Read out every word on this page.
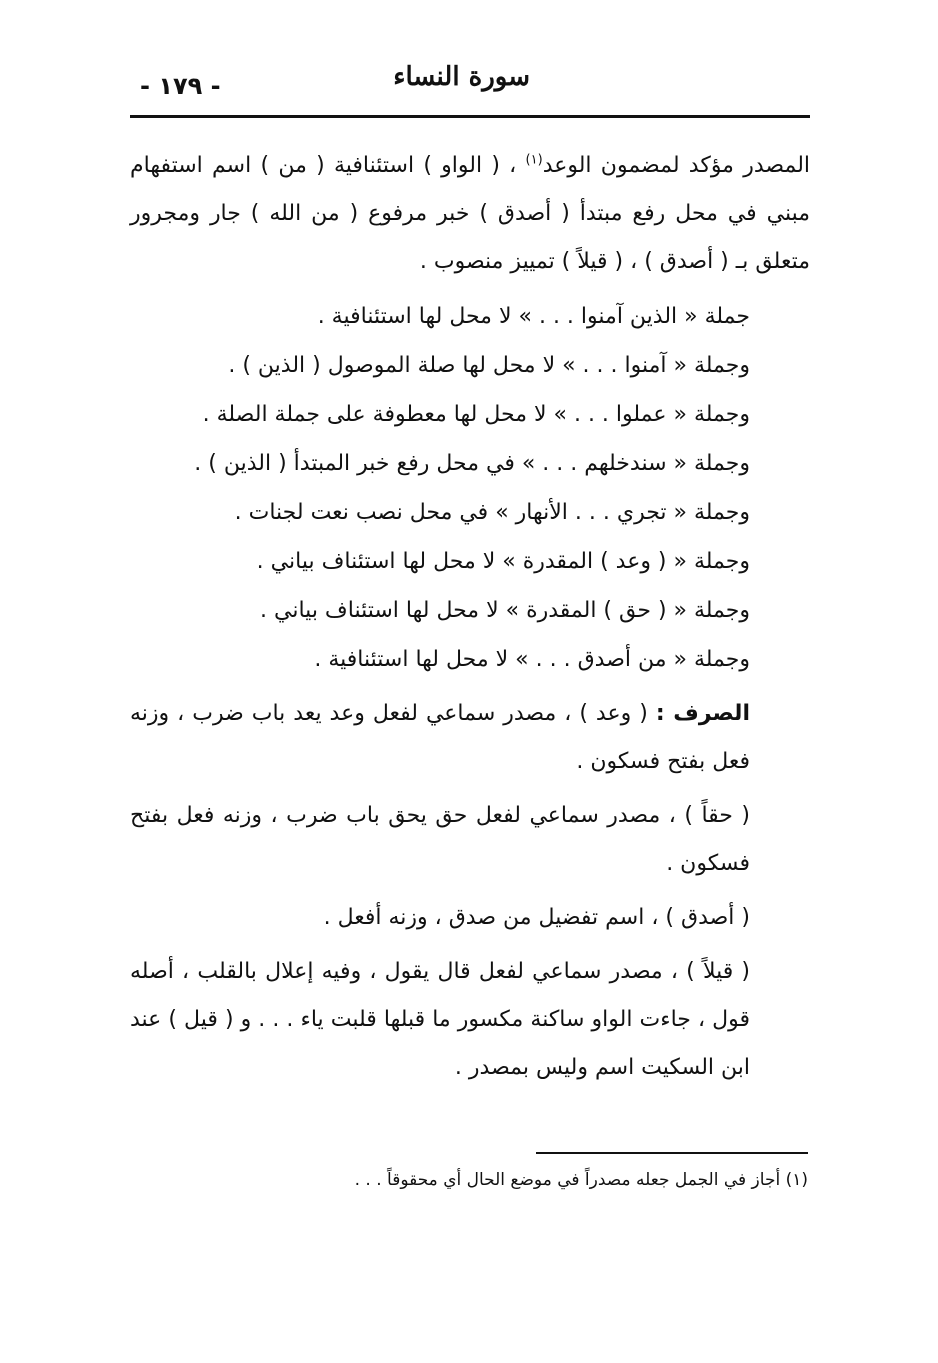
سورة النساء
- ١٧٩ -

المصدر مؤكد لمضمون الوعد$^{(١)}$ ، ( الواو ) استئنافية ( من ) اسم استفهام مبني في محل رفع مبتدأ ( أصدق ) خبر مرفوع ( من الله ) جار ومجرور متعلق بـ ( أصدق ) ، ( قيلاً ) تمييز منصوب .

جملة « الذين آمنوا . . . » لا محل لها استئنافية .
وجملة « آمنوا . . . » لا محل لها صلة الموصول ( الذين ) .
وجملة « عملوا . . . » لا محل لها معطوفة على جملة الصلة .
وجملة « سندخلهم . . . » في محل رفع خبر المبتدأ ( الذين ) .
وجملة « تجري . . . الأنهار » في محل نصب نعت لجنات .
وجملة « ( وعد ) المقدرة » لا محل لها استئناف بياني .
وجملة « ( حق ) المقدرة » لا محل لها استئناف بياني .
وجملة « من أصدق . . . » لا محل لها استئنافية .

الصرف : ( وعد ) ، مصدر سماعي لفعل وعد يعد باب ضرب ، وزنه فعل بفتح فسكون .

( حقاً ) ، مصدر سماعي لفعل حق يحق باب ضرب ، وزنه فعل بفتح فسكون .

( أصدق ) ، اسم تفضيل من صدق ، وزنه أفعل .

( قيلاً ) ، مصدر سماعي لفعل قال يقول ، وفيه إعلال بالقلب ، أصله قول ، جاءت الواو ساكنة مكسور ما قبلها قلبت ياء . . . و ( قيل ) عند ابن السكيت اسم وليس بمصدر .

(١) أجاز في الجمل جعله مصدراً في موضع الحال أي محقوقاً . . .
